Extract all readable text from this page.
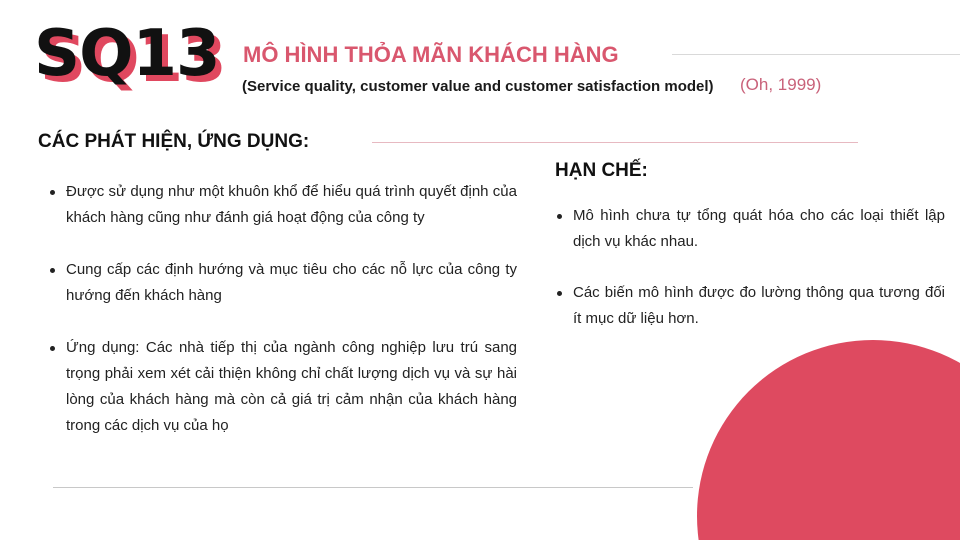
SQ13 MÔ HÌNH THỎA MÃN KHÁCH HÀNG
(Service quality, customer value and customer satisfaction model) (Oh, 1999)
CÁC PHÁT HIỆN, ỨNG DỤNG:
Được sử dụng như một khuôn khổ để hiểu quá trình quyết định của khách hàng cũng như đánh giá hoạt động của công ty
Cung cấp các định hướng và mục tiêu cho các nỗ lực của công ty hướng đến khách hàng
Ứng dụng: Các nhà tiếp thị của ngành công nghiệp lưu trú sang trọng phải xem xét cải thiện không chỉ chất lượng dịch vụ và sự hài lòng của khách hàng mà còn cả giá trị cảm nhận của khách hàng trong các dịch vụ của họ
HẠN CHẾ:
Mô hình chưa tự tổng quát hóa cho các loại thiết lập dịch vụ khác nhau.
Các biến mô hình được đo lường thông qua tương đối ít mục dữ liệu hơn.
